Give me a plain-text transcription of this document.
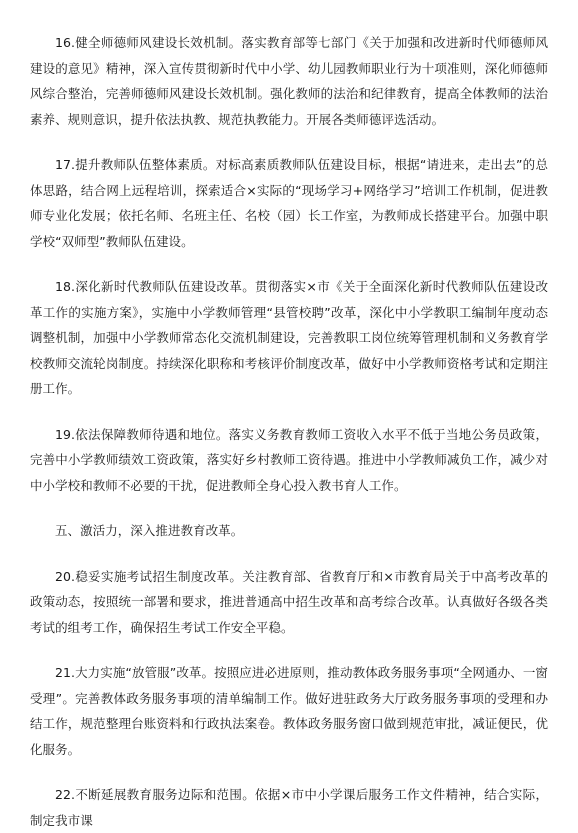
16.健全师德师风建设长效机制。落实教育部等七部门《关于加强和改进新时代师德师风建设的意见》精神，深入宣传贯彻新时代中小学、幼儿园教师职业行为十项准则，深化师德师风综合整治，完善师德师风建设长效机制。强化教师的法治和纪律教育，提高全体教师的法治素养、规则意识，提升依法执教、规范执教能力。开展各类师德评选活动。

17.提升教师队伍整体素质。对标高素质教师队伍建设目标，根据“请进来，走出去”的总体思路，结合网上远程培训，探索适合×实际的“现场学习+网络学习”培训工作机制，促进教师专业化发展；依托名师、名班主任、名校（园）长工作室，为教师成长搭建平台。加强中职学校“双师型”教师队伍建设。

18.深化新时代教师队伍建设改革。贯彻落实×市《关于全面深化新时代教师队伍建设改革工作的实施方案》，实施中小学教师管理“县管校聘”改革，深化中小学教职工编制年度动态调整机制，加强中小学教师常态化交流机制建设，完善教职工岗位统筹管理机制和义务教育学校教师交流轮岗制度。持续深化职称和考核评价制度改革，做好中小学教师资格考试和定期注册工作。

19.依法保障教师待遇和地位。落实义务教育教师工资收入水平不低于当地公务员政策，完善中小学教师绩效工资政策，落实好乡村教师工资待遇。推进中小学教师减负工作，减少对中小学校和教师不必要的干扰，促进教师全身心投入教书育人工作。

五、激活力，深入推进教育改革。

20.稳妥实施考试招生制度改革。关注教育部、省教育厅和×市教育局关于中高考改革的政策动态，按照统一部署和要求，推进普通高中招生改革和高考综合改革。认真做好各级各类考试的组考工作，确保招生考试工作安全平稳。

21.大力实施“放管服”改革。按照应进必进原则，推动教体政务服务事项“全网通办、一窗受理”。完善教体政务服务事项的清单编制工作。做好进驻政务大厅政务服务事项的受理和办结工作，规范整理台账资料和行政执法案卷。教体政务服务窗口做到规范审批，减证便民，优化服务。

22.不断延展教育服务边际和范围。依据×市中小学课后服务工作文件精神，结合实际，制定我市课
